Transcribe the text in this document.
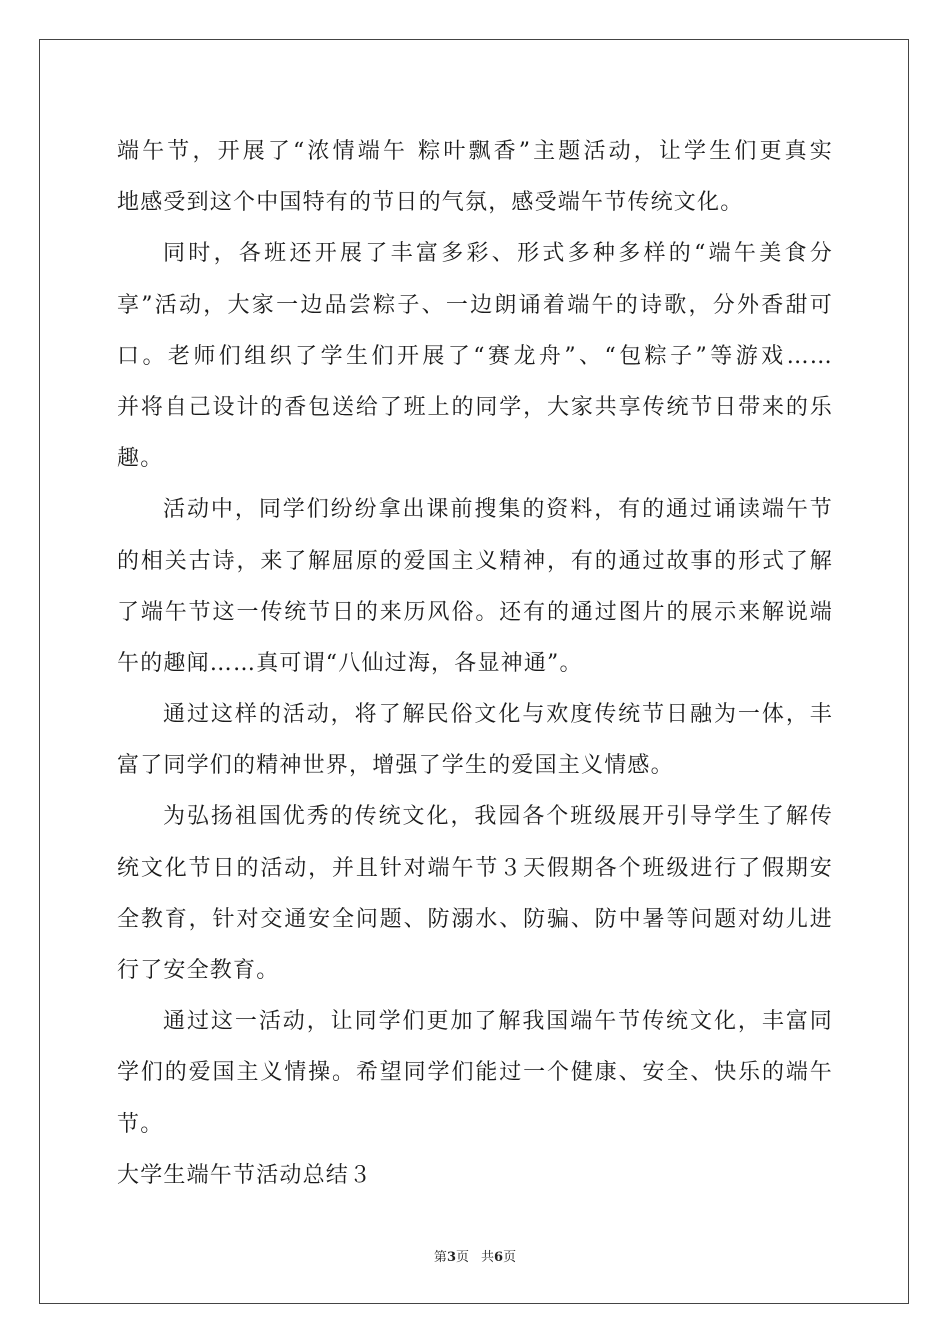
端午节，开展了“浓情端午 粽叶飘香”主题活动，让学生们更真实
地感受到这个中国特有的节日的气氛，感受端午节传统文化。
同时，各班还开展了丰富多彩、形式多种多样的“端午美食分
享”活动，大家一边品尝粽子、一边朗诵着端午的诗歌，分外香甜可
口。老师们组织了学生们开展了“赛龙舟”、“包粽子”等游戏……
并将自己设计的香包送给了班上的同学，大家共享传统节日带来的乐
趣。
活动中，同学们纷纷拿出课前搜集的资料，有的通过诵读端午节
的相关古诗，来了解屈原的爱国主义精神，有的通过故事的形式了解
了端午节这一传统节日的来历风俗。还有的通过图片的展示来解说端
午的趣闻……真可谓“八仙过海，各显神通”。
通过这样的活动，将了解民俗文化与欢度传统节日融为一体，丰
富了同学们的精神世界，增强了学生的爱国主义情感。
为弘扬祖国优秀的传统文化，我园各个班级展开引导学生了解传
统文化节日的活动，并且针对端午节３天假期各个班级进行了假期安
全教育，针对交通安全问题、防溺水、防骗、防中暑等问题对幼儿进
行了安全教育。
通过这一活动，让同学们更加了解我国端午节传统文化，丰富同
学们的爱国主义情操。希望同学们能过一个健康、安全、快乐的端午
节。
大学生端午节活动总结３
第3页 共6页
